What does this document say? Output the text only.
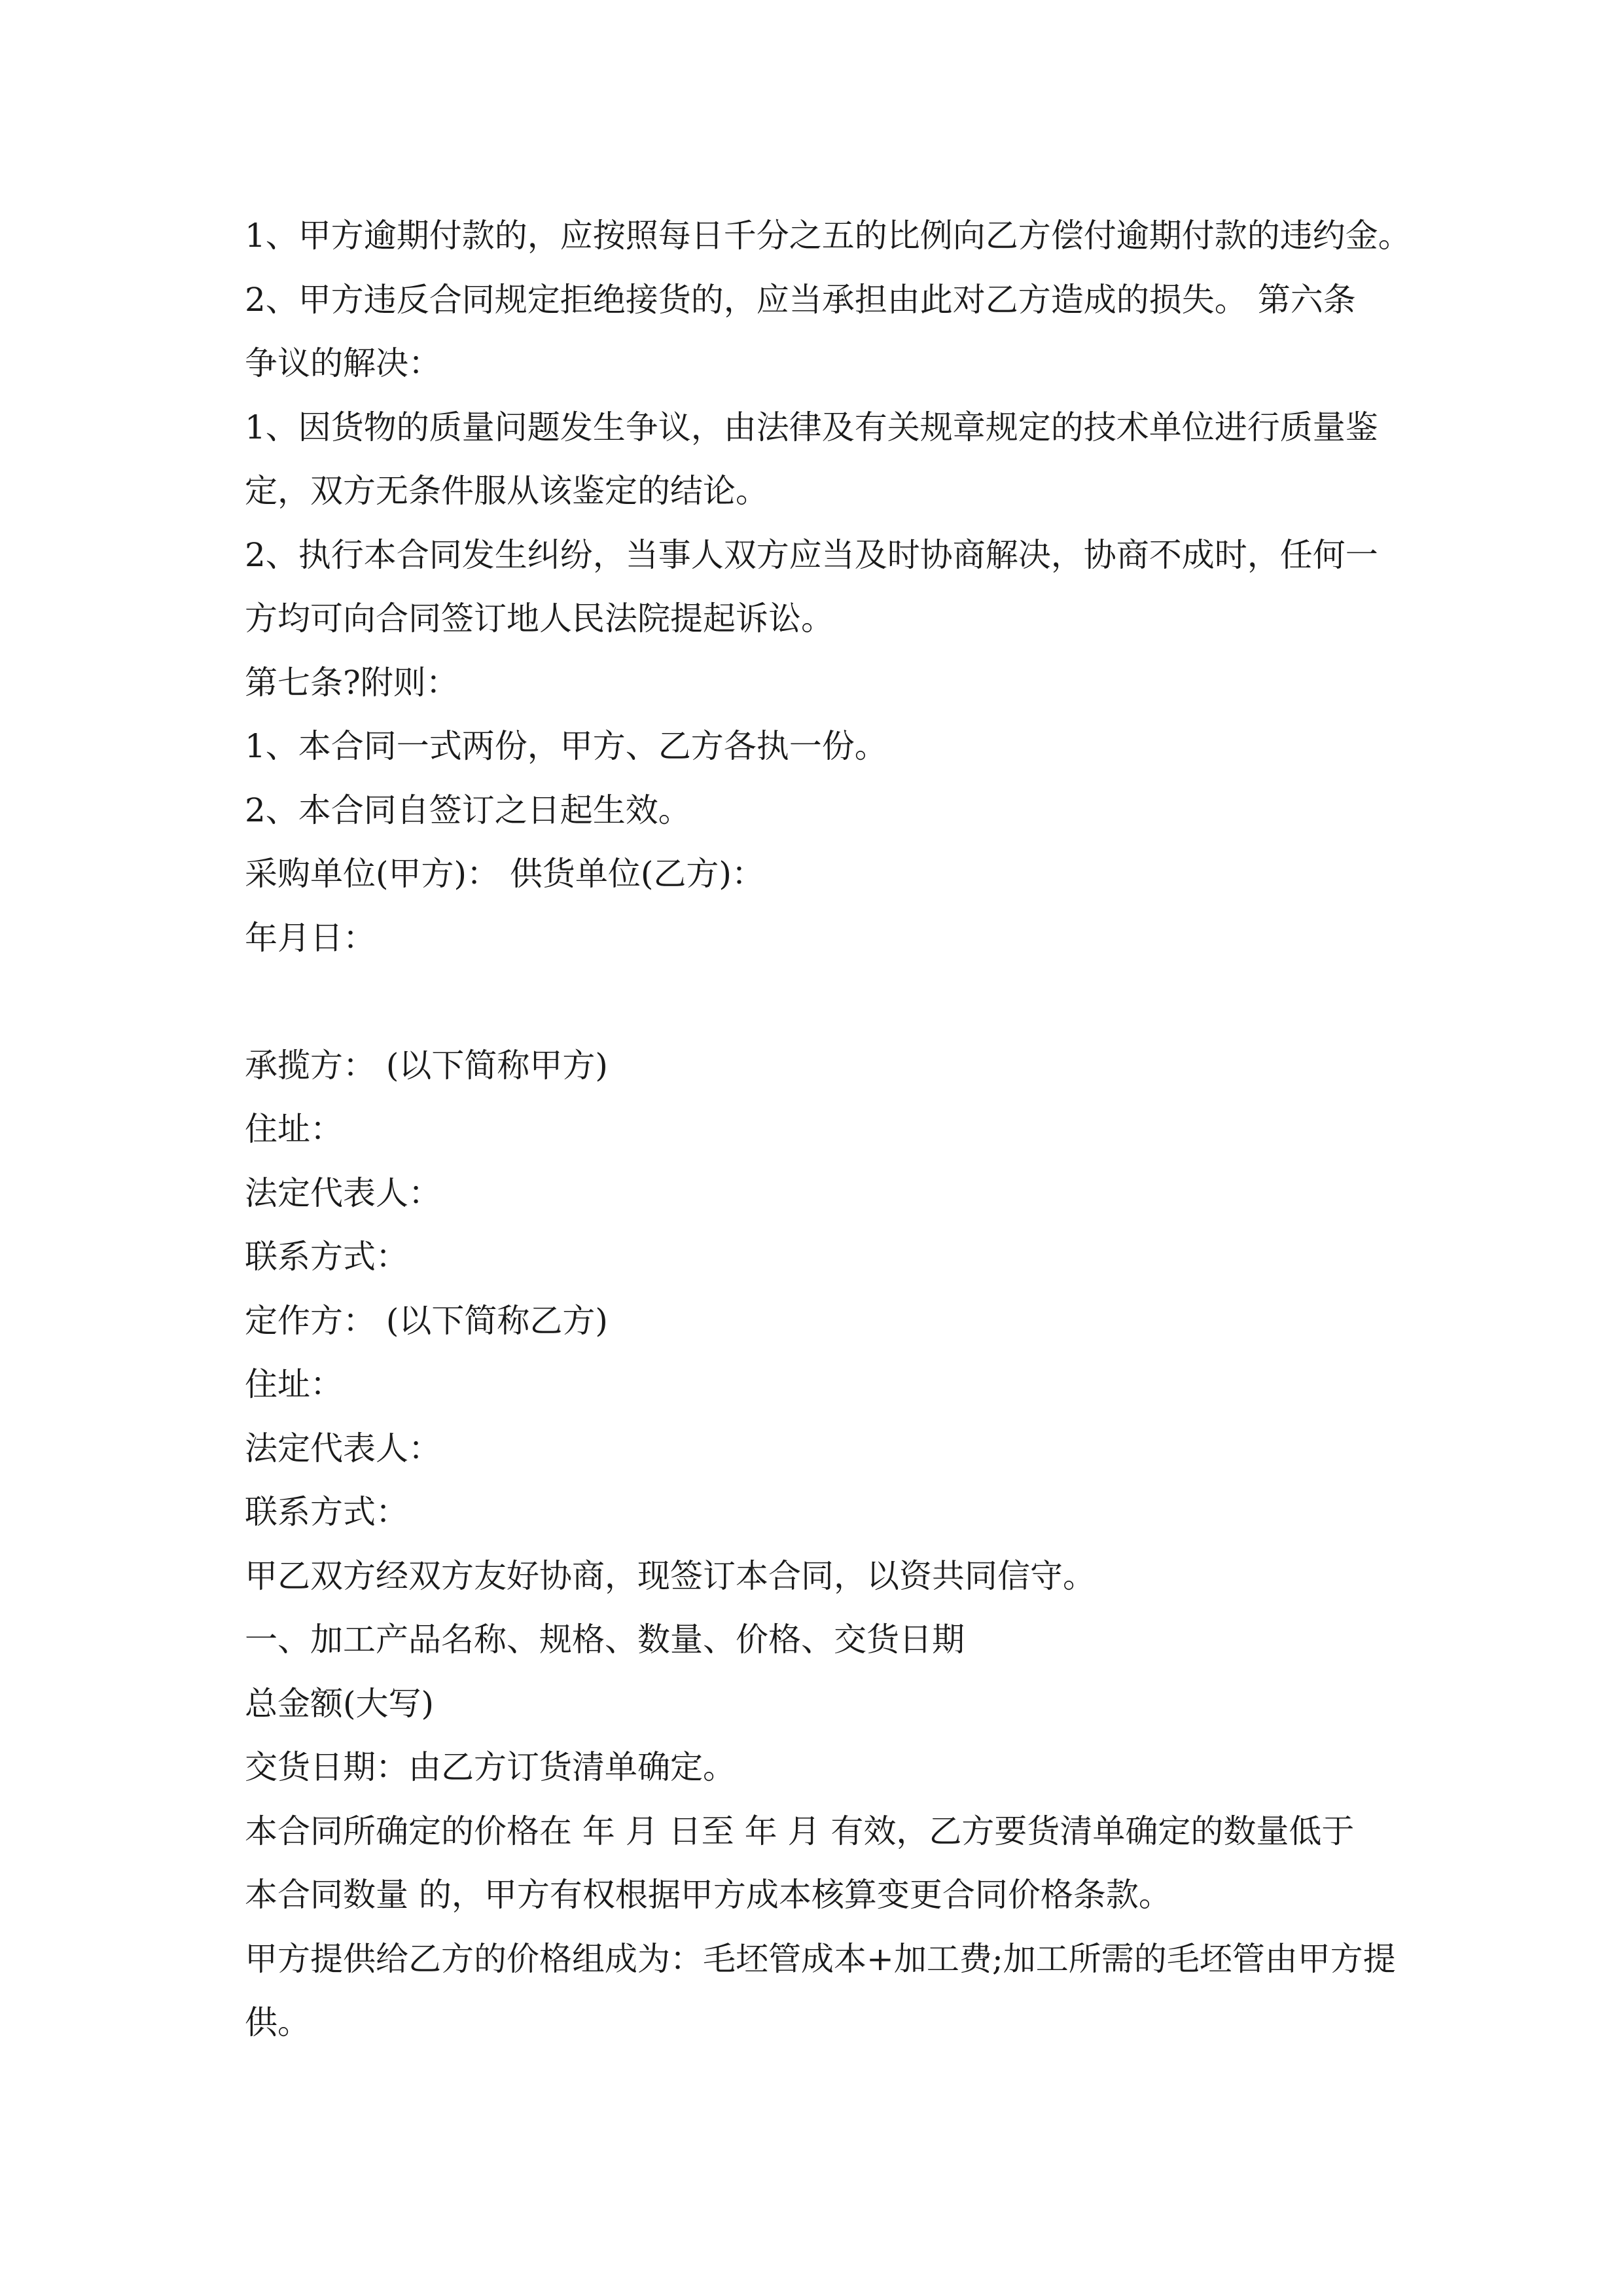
1、甲方逾期付款的，应按照每日千分之五的比例向乙方偿付逾期付款的违约金。

2、甲方违反合同规定拒绝接货的，应当承担由此对乙方造成的损失。 第六条

争议的解决：

1、因货物的质量问题发生争议，由法律及有关规章规定的技术单位进行质量鉴

定，双方无条件服从该鉴定的结论。

2、执行本合同发生纠纷，当事人双方应当及时协商解决，协商不成时，任何一

方均可向合同签订地人民法院提起诉讼。

第七条?附则：

1、本合同一式两份，甲方、乙方各执一份。

2、本合同自签订之日起生效。

采购单位(甲方)： 供货单位(乙方)：

年月日：

承揽方： (以下简称甲方)

住址：

法定代表人：

联系方式：

定作方： (以下简称乙方)

住址：

法定代表人：

联系方式：

甲乙双方经双方友好协商，现签订本合同，以资共同信守。

一、加工产品名称、规格、数量、价格、交货日期

总金额(大写)

交货日期：由乙方订货清单确定。

本合同所确定的价格在 年 月 日至 年 月 有效，乙方要货清单确定的数量低于

本合同数量 的，甲方有权根据甲方成本核算变更合同价格条款。

甲方提供给乙方的价格组成为：毛坯管成本+加工费;加工所需的毛坯管由甲方提

供。
